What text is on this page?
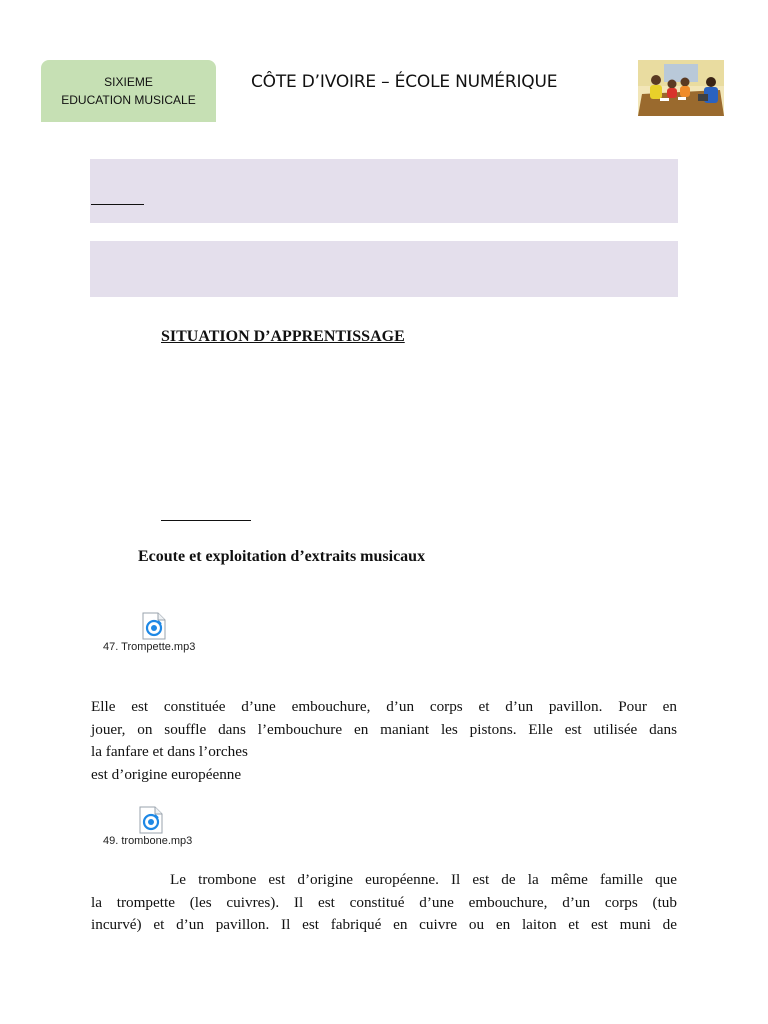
SIXIEME
EDUCATION MUSICALE
CÔTE D’IVOIRE – ÉCOLE NUMÉRIQUE
SITUATION D’APPRENTISSAGE
Ecoute et exploitation d’extraits musicaux
47. Trompette.mp3
Elle est constituée d’une embouchure, d’un corps et d’un pavillon. Pour en
jouer, on souffle dans l’embouchure en maniant les pistons. Elle est utilisée dans
la fanfare et dans l’orches
est d’origine européenne
49. trombone.mp3
Le trombone est d’origine européenne. Il est de la même famille que
la trompette (les cuivres). Il est constitué d’une embouchure, d’un corps (tub
incurvé) et d’un pavillon. Il est fabriqué en cuivre ou en laiton et est muni de
